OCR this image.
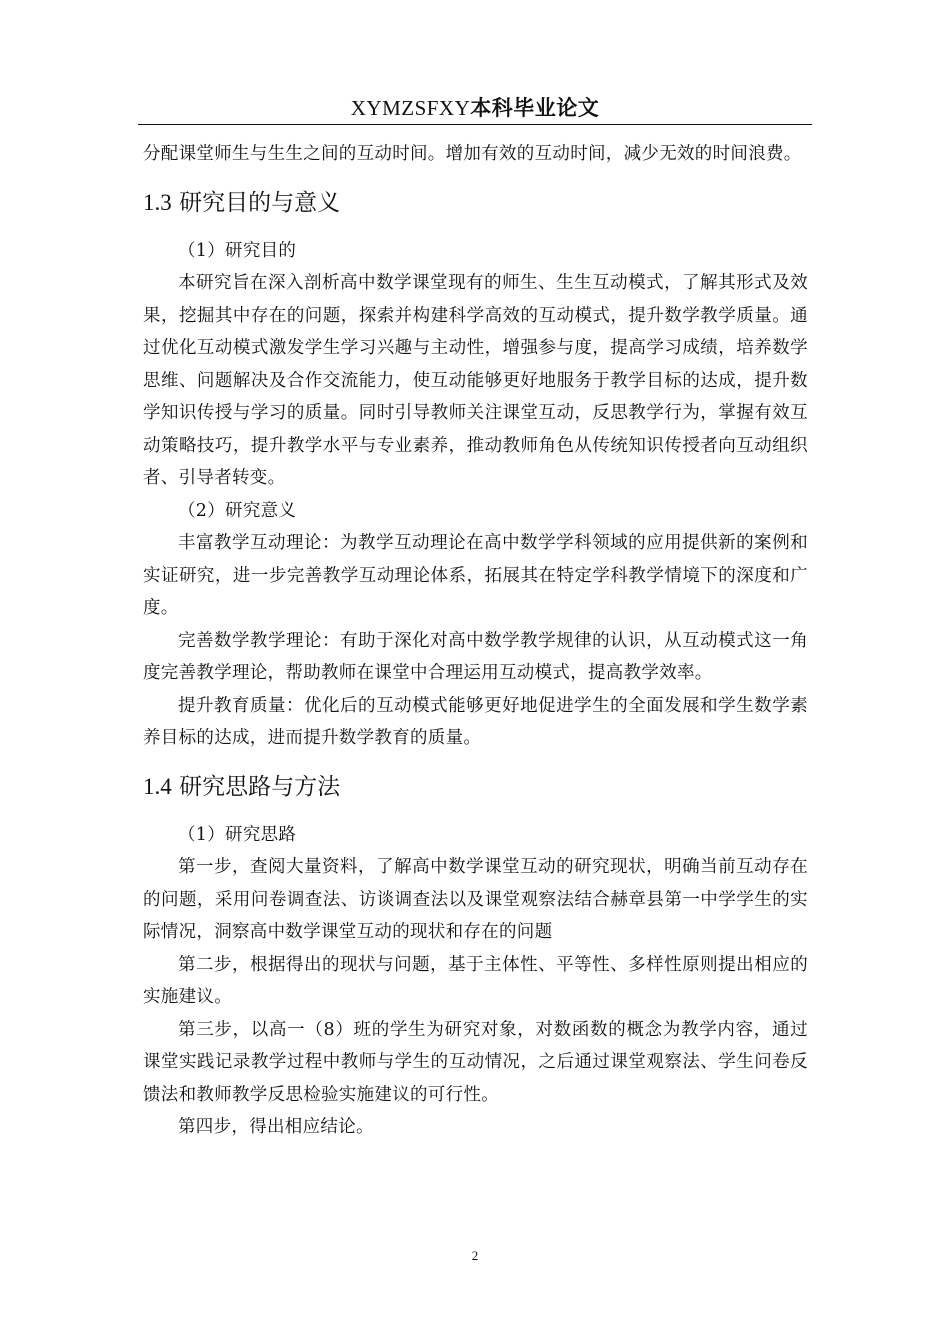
XYMZSFXY本科毕业论文

分配课堂师生与生生之间的互动时间。增加有效的互动时间，减少无效的时间浪费。

1.3 研究目的与意义

（1）研究目的

本研究旨在深入剖析高中数学课堂现有的师生、生生互动模式，了解其形式及效果，挖掘其中存在的问题，探索并构建科学高效的互动模式，提升数学教学质量。通过优化互动模式激发学生学习兴趣与主动性，增强参与度，提高学习成绩，培养数学思维、问题解决及合作交流能力，使互动能够更好地服务于教学目标的达成，提升数学知识传授与学习的质量。同时引导教师关注课堂互动，反思教学行为，掌握有效互动策略技巧，提升教学水平与专业素养，推动教师角色从传统知识传授者向互动组织者、引导者转变。

（2）研究意义

丰富教学互动理论：为教学互动理论在高中数学学科领域的应用提供新的案例和实证研究，进一步完善教学互动理论体系，拓展其在特定学科教学情境下的深度和广度。

完善数学教学理论：有助于深化对高中数学教学规律的认识，从互动模式这一角度完善教学理论，帮助教师在课堂中合理运用互动模式，提高教学效率。

提升教育质量：优化后的互动模式能够更好地促进学生的全面发展和学生数学素养目标的达成，进而提升数学教育的质量。

1.4 研究思路与方法

（1）研究思路

第一步，查阅大量资料，了解高中数学课堂互动的研究现状，明确当前互动存在的问题，采用问卷调查法、访谈调查法以及课堂观察法结合赫章县第一中学学生的实际情况，洞察高中数学课堂互动的现状和存在的问题

第二步，根据得出的现状与问题，基于主体性、平等性、多样性原则提出相应的实施建议。

第三步，以高一（8）班的学生为研究对象，对数函数的概念为教学内容，通过课堂实践记录教学过程中教师与学生的互动情况，之后通过课堂观察法、学生问卷反馈法和教师教学反思检验实施建议的可行性。

第四步，得出相应结论。

2
